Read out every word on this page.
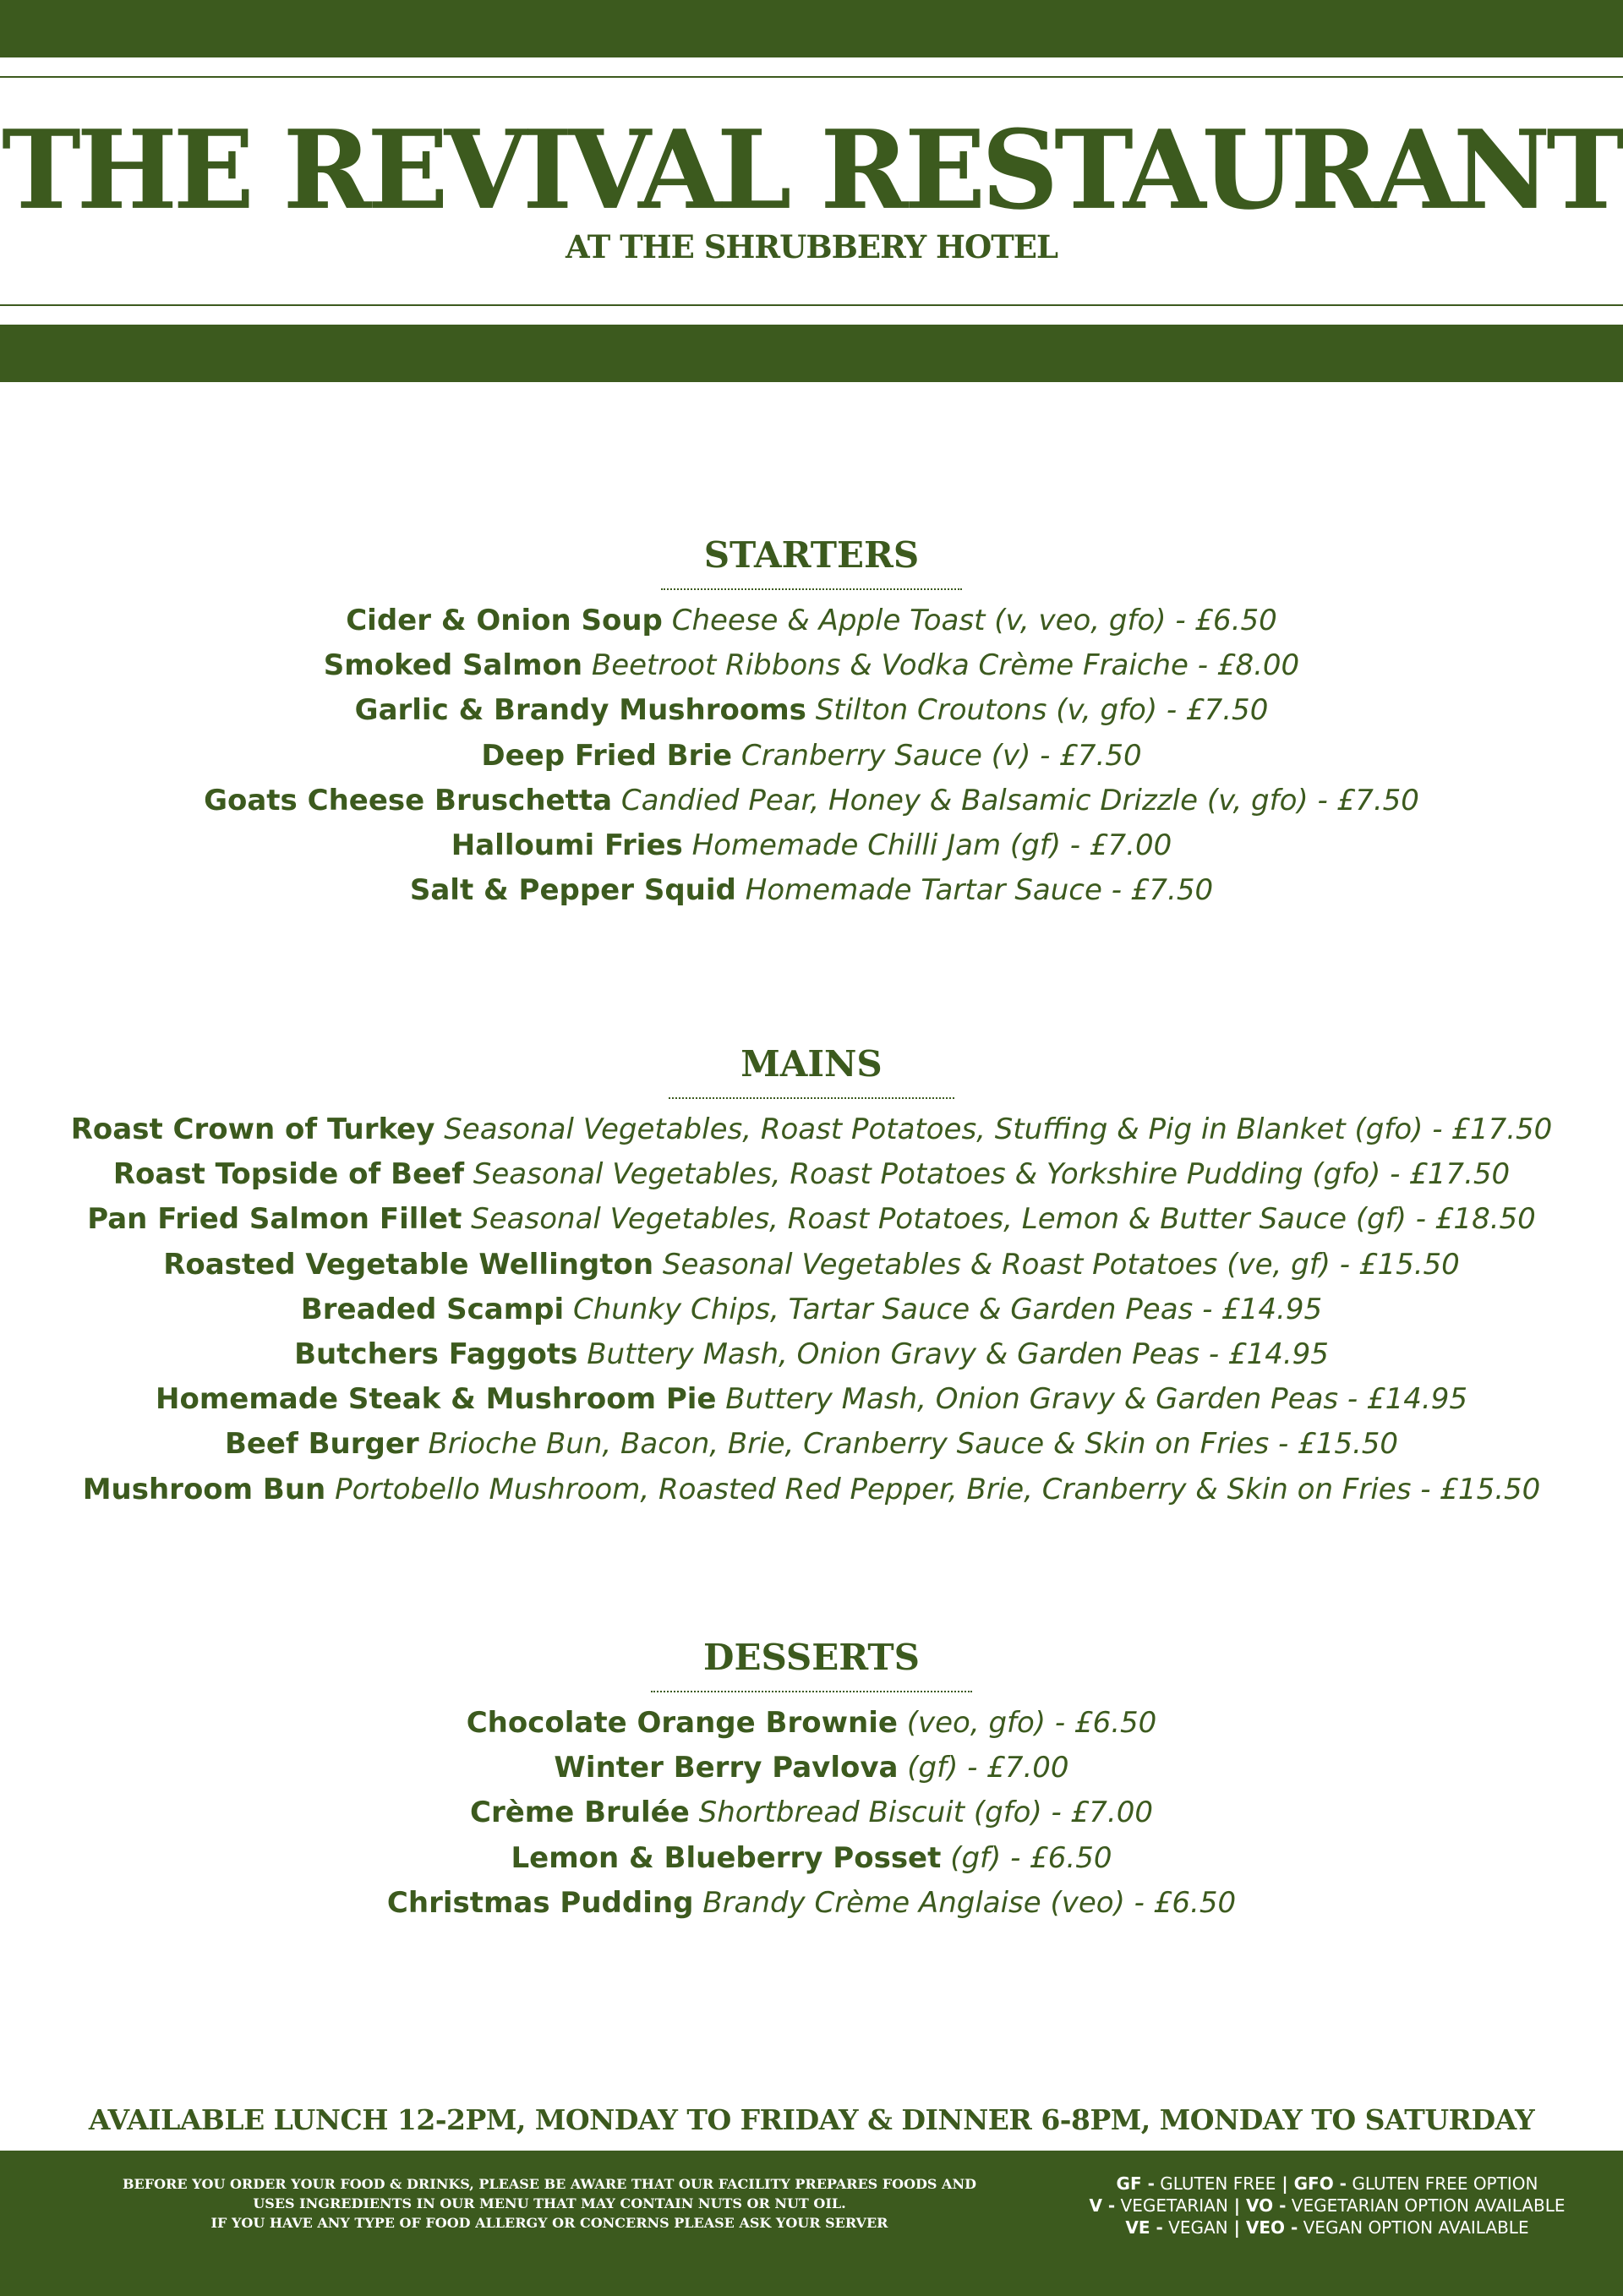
THE REVIVAL RESTAURANT
AT THE SHRUBBERY HOTEL
STARTERS
Cider & Onion Soup Cheese & Apple Toast (v, veo, gfo) - £6.50
Smoked Salmon Beetroot Ribbons & Vodka Crème Fraiche - £8.00
Garlic & Brandy Mushrooms Stilton Croutons (v, gfo) - £7.50
Deep Fried Brie Cranberry Sauce (v) - £7.50
Goats Cheese Bruschetta Candied Pear, Honey & Balsamic Drizzle (v, gfo) - £7.50
Halloumi Fries Homemade Chilli Jam (gf) - £7.00
Salt & Pepper Squid Homemade Tartar Sauce - £7.50
MAINS
Roast Crown of Turkey Seasonal Vegetables, Roast Potatoes, Stuffing & Pig in Blanket (gfo) - £17.50
Roast Topside of Beef Seasonal Vegetables, Roast Potatoes & Yorkshire Pudding (gfo) - £17.50
Pan Fried Salmon Fillet Seasonal Vegetables, Roast Potatoes, Lemon & Butter Sauce (gf) - £18.50
Roasted Vegetable Wellington Seasonal Vegetables & Roast Potatoes (ve, gf) - £15.50
Breaded Scampi Chunky Chips, Tartar Sauce & Garden Peas - £14.95
Butchers Faggots Buttery Mash, Onion Gravy & Garden Peas - £14.95
Homemade Steak & Mushroom Pie Buttery Mash, Onion Gravy & Garden Peas - £14.95
Beef Burger Brioche Bun, Bacon, Brie, Cranberry Sauce & Skin on Fries - £15.50
Mushroom Bun Portobello Mushroom, Roasted Red Pepper, Brie, Cranberry & Skin on Fries - £15.50
DESSERTS
Chocolate Orange Brownie (veo, gfo) - £6.50
Winter Berry Pavlova (gf) - £7.00
Crème Brulée Shortbread Biscuit (gfo) - £7.00
Lemon & Blueberry Posset (gf) - £6.50
Christmas Pudding Brandy Crème Anglaise (veo) - £6.50
AVAILABLE LUNCH 12-2PM, MONDAY TO FRIDAY & DINNER 6-8PM, MONDAY TO SATURDAY
BEFORE YOU ORDER YOUR FOOD & DRINKS, PLEASE BE AWARE THAT OUR FACILITY PREPARES FOODS AND
USES INGREDIENTS IN OUR MENU THAT MAY CONTAIN NUTS OR NUT OIL.
IF YOU HAVE ANY TYPE OF FOOD ALLERGY OR CONCERNS PLEASE ASK YOUR SERVER
GF - GLUTEN FREE | GFO - GLUTEN FREE OPTION
V - VEGETARIAN | VO - VEGETARIAN OPTION AVAILABLE
VE - VEGAN | VEO - VEGAN OPTION AVAILABLE
